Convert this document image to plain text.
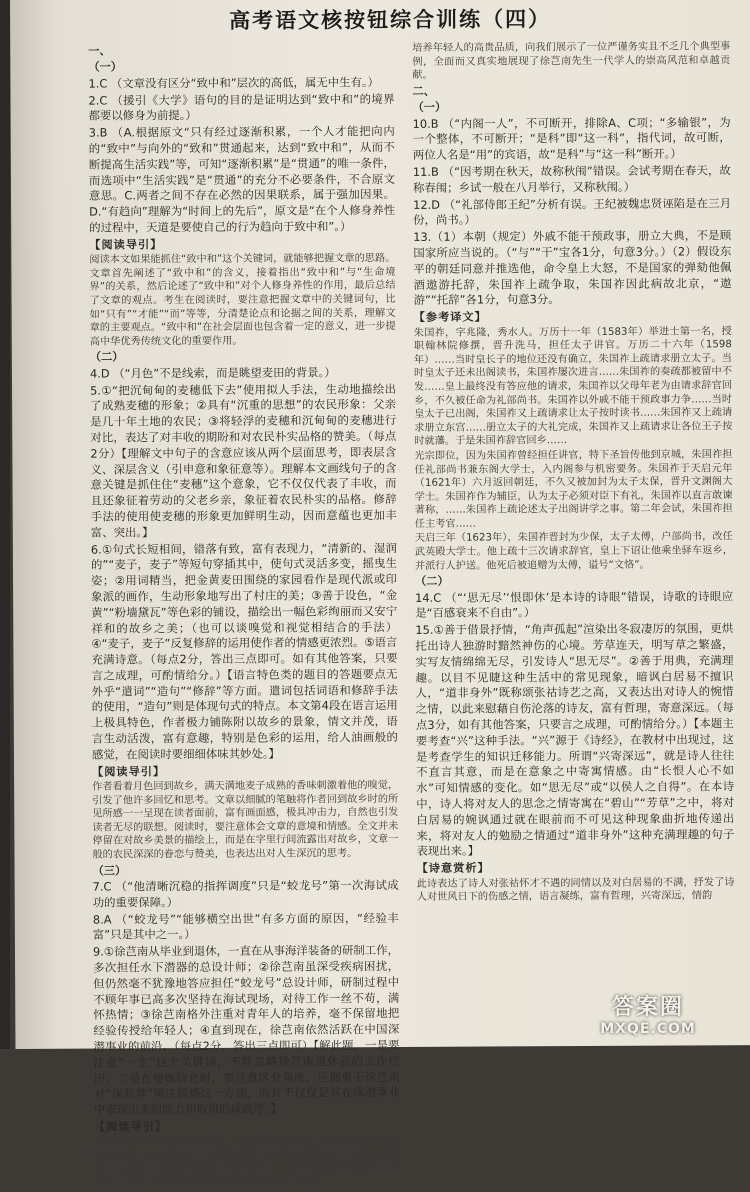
高考语文核按钮综合训练（四）

一、

（一）

1.C （文章没有区分“致中和”层次的高低，属无中生有。）

2.C （援引《大学》语句的目的是证明达到“致中和”的境界都要以修身为前提。）

3.B （A.根据原文“只有经过逐渐积累，一个人才能把向内的“致中”与向外的“致和”贯通起来，达到“致中和”，从而不断提高生活实践”等，可知“逐渐积累”是“贯通”的唯一条件，而选项中“生活实践”是“贯通”的充分不必要条件，不合原文意思。C.两者之间不存在必然的因果联系，属于强加因果。D.“有趋向”理解为“时间上的先后”，原文是“在个人修身养性的过程中，天道是要使自己的行为趋向于致中和”。）

【阅读导引】

阅读本文如果能抓住“致中和”这个关键词，就能够把握文章的思路。文章首先阐述了“致中和”的含义，接着指出“致中和”与“生命境界”的关系，然后论述了“致中和”对个人修身养性的作用，最后总结了文章的观点。考生在阅读时，要注意把握文章中的关键词句，比如“只有”“才能”“而”等等，分清楚论点和论据之间的关系，理解文章的主要观点。“致中和”在社会层面也包含着一定的意义，进一步提高中华优秀传统文化的重要作用。

（二）

4.D （“月色”不是线索，而是眺望麦田的背景。）

5.①“把沉甸甸的麦穗低下去”使用拟人手法，生动地描绘出了成熟麦穗的形象；②具有“沉重的思想”的农民形象：父亲是几十年土地的农民；③将轻浮的麦穗和沉甸甸的麦穗进行对比，表达了对丰收的期盼和对农民朴实品格的赞美。（每点2分）【理解文中句子的含意应该从两个层面思考，即表层含义、深层含义（引申意和象征意等）。理解本文画线句子的含意关键是抓住住“麦穗”这个意象，它不仅仅代表了丰收，而且还象征着劳动的父老乡亲，象征着农民朴实的品格。修辞手法的使用使麦穗的形象更加鲜明生动，因而意蕴也更加丰富、突出。】

6.①句式长短相间，错落有致，富有表现力，“清新的、湿润的”“麦子，麦子”等短句穿插其中，使句式灵活多变，摇曳生姿；②用词精当，把金黄麦田围绕的家园看作是现代派或印象派的画作，生动形象地写出了村庄的美；③善于设色，“金黄”“粉墙黛瓦”等色彩的铺设，描绘出一幅色彩绚丽而又安宁祥和的故乡之美；（也可以谈嗅觉和视觉相结合的手法）④“麦子，麦子”反复修辞的运用使作者的情感更浓烈。⑤语言充满诗意。（每点2分，答出三点即可。如有其他答案，只要言之成理，可酌情给分。）【语言特色类的题目的答题要点无外乎“遣词”“造句”“修辞”等方面。遣词包括词语和修辞手法的使用，“造句”则是体现句式的特点。本文第4段在语言运用上极具特色，作者极力铺陈附以故乡的景象，情文并茂，语言生动活泼，富有意趣，特别是色彩的运用，给人油画般的感觉，在阅读时要细细体味其妙处。】

【阅读导引】

作者看着月色回到故乡，满天满地麦子成熟的香味刺激着他的嗅觉，引发了他许多回忆和思考。文章以细腻的笔触将作者回到故乡时的所见所感一一呈现在读者面前，富有画面感，极具冲击力，自然也引发读者无尽的联想。阅读时，要注意体会文章的意境和情感。全文并未停留在对故乡美景的描绘上，而是在字里行间流露出对故乡，文章一般的农民深深的眷恋与赞美，也表达出对人生深沉的思考。

（三）

7.C （“他清晰沉稳的指挥调度”只是“蛟龙号”第一次海试成功的重要保障。）

8.A （“蛟龙号”“能够横空出世”有多方面的原因，“经验丰富”只是其中之一。）

9.①徐芑南从毕业到退休，一直在从事海洋装备的研制工作，多次担任水下潜器的总设计师；②徐芑南虽深受疾病困扰，但仍然毫不犹豫地答应担任“蛟龙号”总设计师，研制过程中不顾年事已高多次坚持在海试现场，对待工作一丝不苟，满怀热情；③徐芑南格外注重对青年人的培养，毫不保留地把经验传授给年轻人；④直到现在，徐芑南依然活跃在中国深潜事业的前沿。（每点2分，答出三点即可）【解此题，一是要注意“一生”这个关键词，不能忽略徐芑南退休前的工作经历；二是在提炼信息时，要注意区分角度，应侧重于徐芑南对“深蓝梦”倾注情感这一方面，而并不仅仅是其在深潜事业中表现出来的能力和取得的成就等。】

【阅读导引】

徐芑南先生是中国工程院院士、蛟龙号总设计师。作为我国深潜技术的开拓者，可以说他的一生都奉献给了我国的深潜事业。这种爱国情怀令人钦佩。这篇传记截取了徐芑南先生投身中国深潜事业的几个关键点，叙写了徐芑南先生不畏病痛勇担重任，注重

培养年轻人的高贵品质，向我们展示了一位严谨务实且不乏几个典型事例，全面而又真实地展现了徐芑南先生一代学人的崇高风范和卓越贡献。

二、

（一）

10.B （“内阁一人”，不可断开，排除A、C项；“多输银”，为一个整体，不可断开；“是科”即“这一科”，指代词，故可断，两位人名是“用”的宾语，故“是科”与“这一科”断开。）

11.B （“因考期在秋天，故称秋闱”错误。会试考期在春天，故称春闱；乡试一般在八月举行，又称秋闱。）

12.D （“礼部侍郎王纪”分析有误。王纪被魏忠贤诬陷是在三月份，尚书。）

13.（1）本朝（规定）外戚不能干预政事，册立大典，不是顾国家所应当说的。（“与”“干”宝各1分，句意3分。）（2）假设东平的朝廷同意并推选他，命令皇上大怒，不是国家的弹劾他佩酒遨游托辞，朱国祚上疏争取，朱国祚因此病故北京，“遨游”“托辞”各1分，句意3分。

【参考译文】

朱国祚，字兆隆，秀水人。万历十一年（1583年）举进士第一名，授职翰林院修撰，晋升洗马，担任太子讲官。万历二十六年（1598年）……当时皇长子的地位还没有确立，朱国祚上疏请求册立太子。当时皇太子还未出阁读书，朱国祚屡次进言……朱国祚的奏疏都被留中不发……皇上最终没有答应他的请求，朱国祚以父母年老为由请求辞官回乡，不久被任命为礼部尚书。朱国祚以外戚不能干预政事力争……当时皇太子已出阁，朱国祚又上疏请求让太子按时读书……朱国祚又上疏请求册立东宫……册立太子的大礼完成，朱国祚又上疏请求让各位王子按时就藩。于是朱国祚辞官回乡……

光宗即位，因为朱国祚曾经担任讲官，特下圣旨传他到京城，朱国祚担任礼部尚书兼东阁大学士，入内阁参与机密要务。朱国祚于天启元年（1621年）六月返回朝廷，不久又被加封为太子太保，晋升文渊阁大学士。朱国祚作为辅臣，认为太子必须对臣下有礼，朱国祚以直言敢谏著称，……朱国祚上疏论述太子出阁讲学之事。第二年会试，朱国祚担任主考官……

天启三年（1623年），朱国祚晋封为少保，太子太傅，户部尚书，改任武英殿大学士。他上疏十三次请求辞官，皇上下诏让他乘坐驿车返乡，并派行人护送。他死后被追赠为太傅，谥号“文恪”。

（二）

14.C （“‘思无尽’‘恨即休’是本诗的诗眼”错误，诗歌的诗眼应是“百感衰来不自由”。）

15.①善于借景抒情，“角声孤起”渲染出冬寂凄厉的氛围，更烘托出诗人独游时黯然神伤的心境。芳草连天，明写草之繁盛，实写友情绵绵无尽，引发诗人“思无尽”。②善于用典，充满理趣。以目不见睫这种生活中的常见现象，暗讽白居易不擅识人，“道非身外”既称颂张祜诗艺之高，又表达出对诗人的惋惜之情，以此来慰藉自伤沦落的诗友，富有哲理，寄意深远。（每点3分，如有其他答案，只要言之成理，可酌情给分。）【本题主要考查“兴”这种手法。“兴”源于《诗经》，在教材中出现过，这是考查学生的知识迁移能力。所谓“兴寄深远”，就是诗人往往不直言其意，而是在意象之中寄寓情感。由“长恨人心不如水”可知情感的变化。如“思无尽”或“以侯人之自得”。在本诗中，诗人将对友人的思念之情寄寓在“碧山”“芳草”之中，将对白居易的婉讽通过就在眼前而不可见这种现象曲折地传递出来，将对友人的勉励之情通过“道非身外”这种充满理趣的句子表现出来。】

【诗意赏析】

此诗表达了诗人对张祜怀才不遇的同情以及对白居易的不满，抒发了诗人对世风日下的伤感之情，语言凝练，富有哲理，兴寄深远，情韵

答案圈
MXQE.COM
